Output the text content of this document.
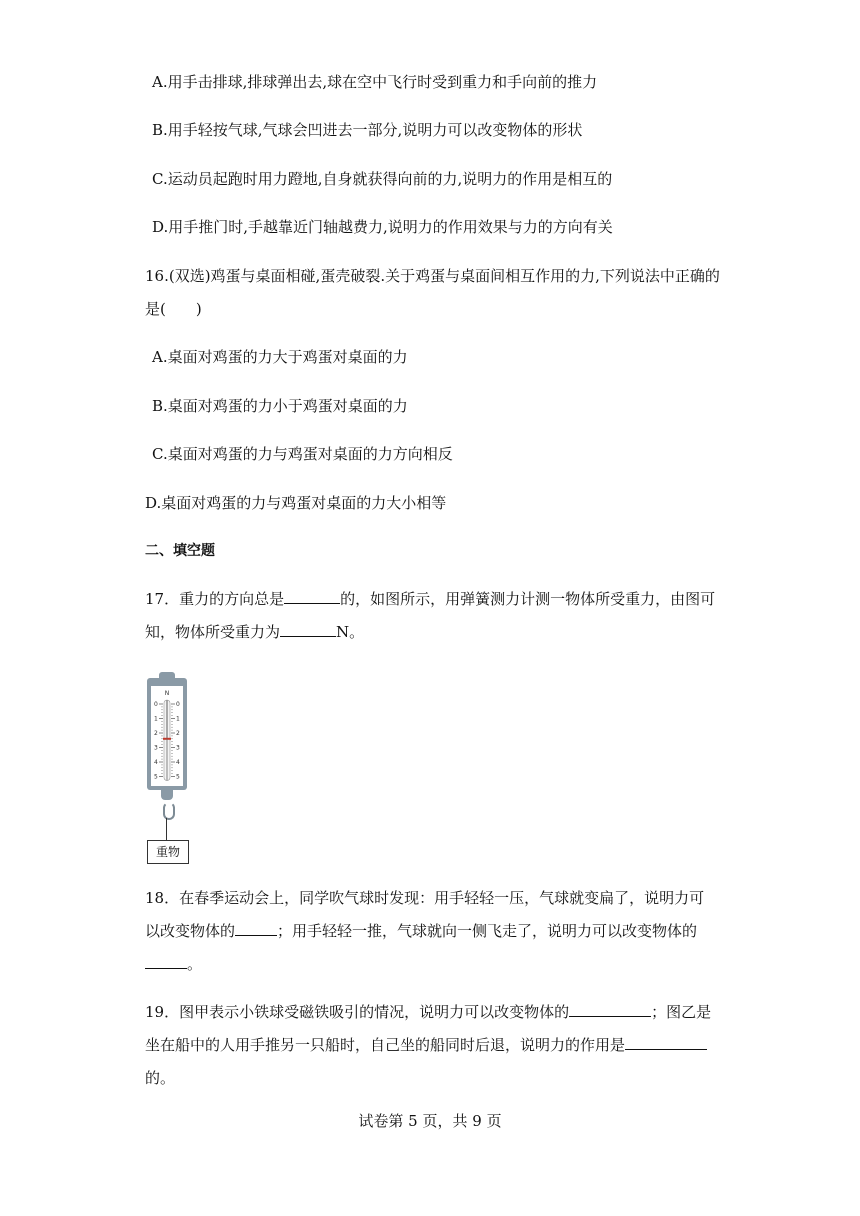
A.用手击排球,排球弹出去,球在空中飞行时受到重力和手向前的推力
B.用手轻按气球,气球会凹进去一部分,说明力可以改变物体的形状
C.运动员起跑时用力蹬地,自身就获得向前的力,说明力的作用是相互的
D.用手推门时,手越靠近门轴越费力,说明力的作用效果与力的方向有关
16.(双选)鸡蛋与桌面相碰,蛋壳破裂.关于鸡蛋与桌面间相互作用的力,下列说法中正确的
是(　　)
A.桌面对鸡蛋的力大于鸡蛋对桌面的力
B.桌面对鸡蛋的力小于鸡蛋对桌面的力
C.桌面对鸡蛋的力与鸡蛋对桌面的力方向相反
D.桌面对鸡蛋的力与鸡蛋对桌面的力大小相等
二、填空题
17．重力的方向总是	的，如图所示，用弹簧测力计测一物体所受重力，由图可
知，物体所受重力为	N。
N
0	0
1	1
2	2
3	3
4	4
5	5
重物
18．在春季运动会上，同学吹气球时发现：用手轻轻一压，气球就变扁了，说明力可
以改变物体的	；用手轻轻一推，气球就向一侧飞走了，说明力可以改变物体的
。
19．图甲表示小铁球受磁铁吸引的情况，说明力可以改变物体的	；图乙是
坐在船中的人用手推另一只船时，自己坐的船同时后退，说明力的作用是
的。
试卷第 5 页，共 9 页
